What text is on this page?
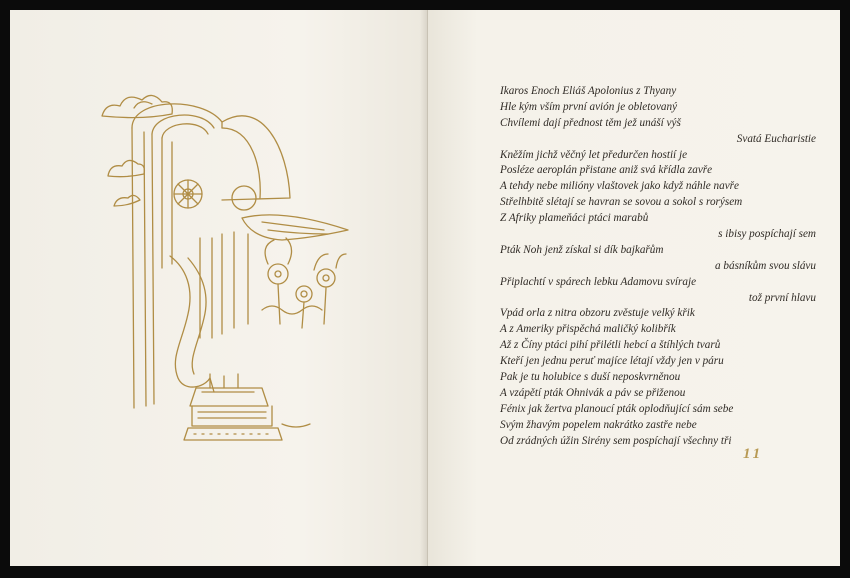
Ikaros Enoch Eliáš Apolonius z Thyany
Hle kým vším první avión je obletovaný
Chvílemi dají přednost těm jež unáší výš
Svatá Eucharistie
Kněžím jichž věčný let předurčen hostií je
Posléze aeroplán přistane aniž svá křídla zavře
A tehdy nebe milióny vlaštovek jako když náhle navře
Střelhbitě slétají se havran se sovou a sokol s rorýsem
Z Afriky plameňáci ptáci marabů
s ibisy pospíchají sem
Pták Noh jenž získal si dík bajkařům
a básníkům svou slávu
Připlachtí v spárech lebku Adamovu svíraje
tož první hlavu
Vpád orla z nitra obzoru zvěstuje velký křik
A z Ameriky přispěchá maličký kolibřík
Až z Číny ptáci pihí přilétli hebcí a štíhlých tvarů
Kteří jen jednu peruť majíce létají vždy jen v páru
Pak je tu holubice s duší neposkvrněnou
A vzápětí pták Ohnivák a páv se přiženou
Fénix jak žertva planoucí pták oplodňující sám sebe
Svým žhavým popelem nakrátko zastře nebe
Od zrádných úžin Sirény sem pospíchají všechny tři
11
